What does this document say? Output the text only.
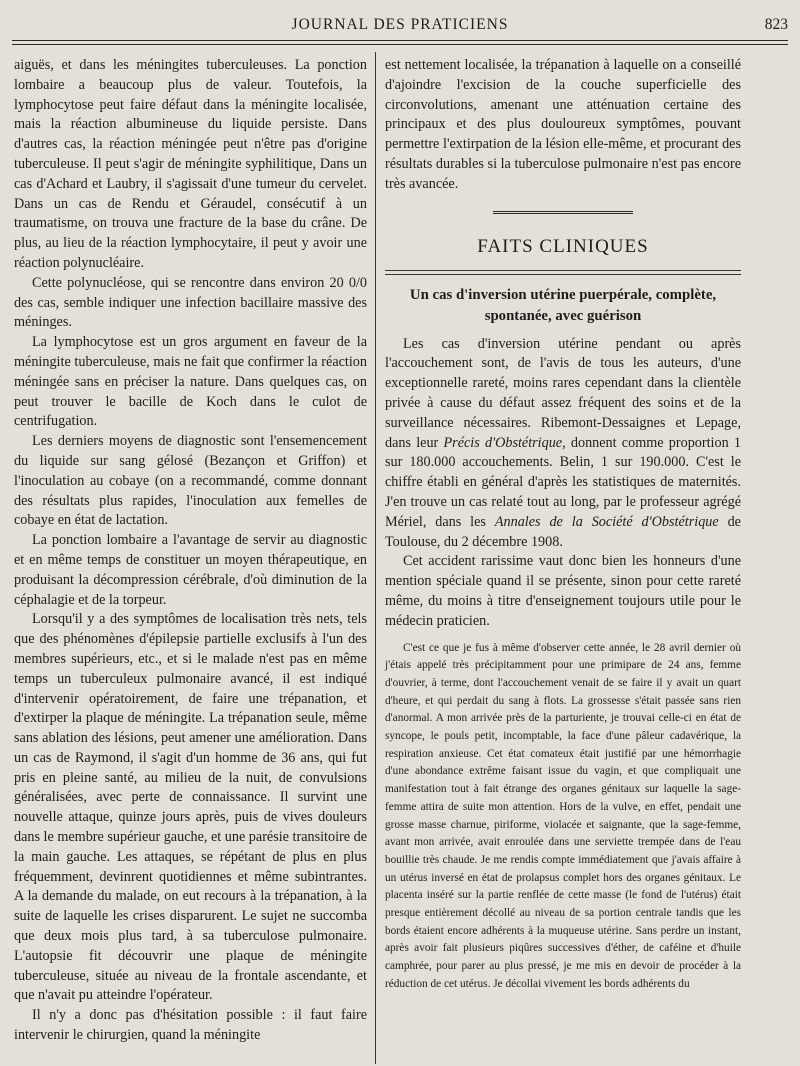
JOURNAL DES PRATICIENS	823

aiguës, et dans les méningites tuberculeuses. La ponction lombaire a beaucoup plus de valeur. Toutefois, la lymphocytose peut faire défaut dans la méningite localisée, mais la réaction albumineuse du liquide persiste. Dans d'autres cas, la réaction méningée peut n'être pas d'origine tuberculeuse. Il peut s'agir de méningite syphilitique, Dans un cas d'Achard et Laubry, il s'agissait d'une tumeur du cervelet. Dans un cas de Rendu et Géraudel, consécutif à un traumatisme, on trouva une fracture de la base du crâne. De plus, au lieu de la réaction lymphocytaire, il peut y avoir une réaction polynucléaire.

Cette polynucléose, qui se rencontre dans environ 20 0/0 des cas, semble indiquer une infection bacillaire massive des méninges.

La lymphocytose est un gros argument en faveur de la méningite tuberculeuse, mais ne fait que confirmer la réaction méningée sans en préciser la nature. Dans quelques cas, on peut trouver le bacille de Koch dans le culot de centrifugation.

Les derniers moyens de diagnostic sont l'ensemencement du liquide sur sang gélosé (Bezançon et Griffon) et l'inoculation au cobaye (on a recommandé, comme donnant des résultats plus rapides, l'inoculation aux femelles de cobaye en état de lactation.

La ponction lombaire a l'avantage de servir au diagnostic et en même temps de constituer un moyen thérapeutique, en produisant la décompression cérébrale, d'où diminution de la céphalagie et de la torpeur.

Lorsqu'il y a des symptômes de localisation très nets, tels que des phénomènes d'épilepsie partielle exclusifs à l'un des membres supérieurs, etc., et si le malade n'est pas en même temps un tuberculeux pulmonaire avancé, il est indiqué d'intervenir opératoirement, de faire une trépanation, et d'extirper la plaque de méningite. La trépanation seule, même sans ablation des lésions, peut amener une amélioration. Dans un cas de Raymond, il s'agit d'un homme de 36 ans, qui fut pris en pleine santé, au milieu de la nuit, de convulsions généralisées, avec perte de connaissance. Il survint une nouvelle attaque, quinze jours après, puis de vives douleurs dans le membre supérieur gauche, et une parésie transitoire de la main gauche. Les attaques, se répétant de plus en plus fréquemment, devinrent quotidiennes et même subintrantes. A la demande du malade, on eut recours à la trépanation, à la suite de laquelle les crises disparurent. Le sujet ne succomba que deux mois plus tard, à sa tuberculose pulmonaire. L'autopsie fit découvrir une plaque de méningite tuberculeuse, située au niveau de la frontale ascendante, et que n'avait pu atteindre l'opérateur.

Il n'y a donc pas d'hésitation possible : il faut faire intervenir le chirurgien, quand la méningite

est nettement localisée, la trépanation à laquelle on a conseillé d'ajoindre l'excision de la couche superficielle des circonvolutions, amenant une atténuation certaine des principaux et des plus douloureux symptômes, pouvant permettre l'extirpation de la lésion elle-même, et procurant des résultats durables si la tuberculose pulmonaire n'est pas encore très avancée.

FAITS CLINIQUES
Un cas d'inversion utérine puerpérale, complète,
spontanée, avec guérison

Les cas d'inversion utérine pendant ou après l'accouchement sont, de l'avis de tous les auteurs, d'une exceptionnelle rareté, moins rares cependant dans la clientèle privée à cause du défaut assez fréquent des soins et de la surveillance nécessaires. Ribemont-Dessaignes et Lepage, dans leur Précis d'Obstétrique, donnent comme proportion 1 sur 180.000 accouchements. Belin, 1 sur 190.000. C'est le chiffre établi en général d'après les statistiques de maternités. J'en trouve un cas relaté tout au long, par le professeur agrégé Mériel, dans les Annales de la Société d'Obstétrique de Toulouse, du 2 décembre 1908.

Cet accident rarissime vaut donc bien les honneurs d'une mention spéciale quand il se présente, sinon pour cette rareté même, du moins à titre d'enseignement toujours utile pour le médecin praticien.

C'est ce que je fus à même d'observer cette année, le 28 avril dernier où j'étais appelé très précipitamment pour une primipare de 24 ans, femme d'ouvrier, à terme, dont l'accouchement venait de se faire il y avait un quart d'heure, et qui perdait du sang à flots. La grossesse s'était passée sans rien d'anormal. A mon arrivée près de la parturiente, je trouvai celle-ci en état de syncope, le pouls petit, incomptable, la face d'une pâleur cadavérique, la respiration anxieuse. Cet état comateux était justifié par une hémorrhagie d'une abondance extrême faisant issue du vagin, et que compliquait une manifestation tout à fait étrange des organes génitaux sur laquelle la sage-femme attira de suite mon attention. Hors de la vulve, en effet, pendait une grosse masse charnue, piriforme, violacée et saignante, que la sage-femme, avant mon arrivée, avait enroulée dans une serviette trempée dans de l'eau bouillie très chaude. Je me rendis compte immédiatement que j'avais affaire à un utérus inversé en état de prolapsus complet hors des organes génitaux. Le placenta inséré sur la partie renflée de cette masse (le fond de l'utérus) était presque entièrement décollé au niveau de sa portion centrale tandis que les bords étaient encore adhérents à la muqueuse utérine. Sans perdre un instant, après avoir fait plusieurs piqûres successives d'éther, de caféine et d'huile camphrée, pour parer au plus pressé, je me mis en devoir de procéder à la réduction de cet utérus. Je décollai vivement les bords adhérents du
